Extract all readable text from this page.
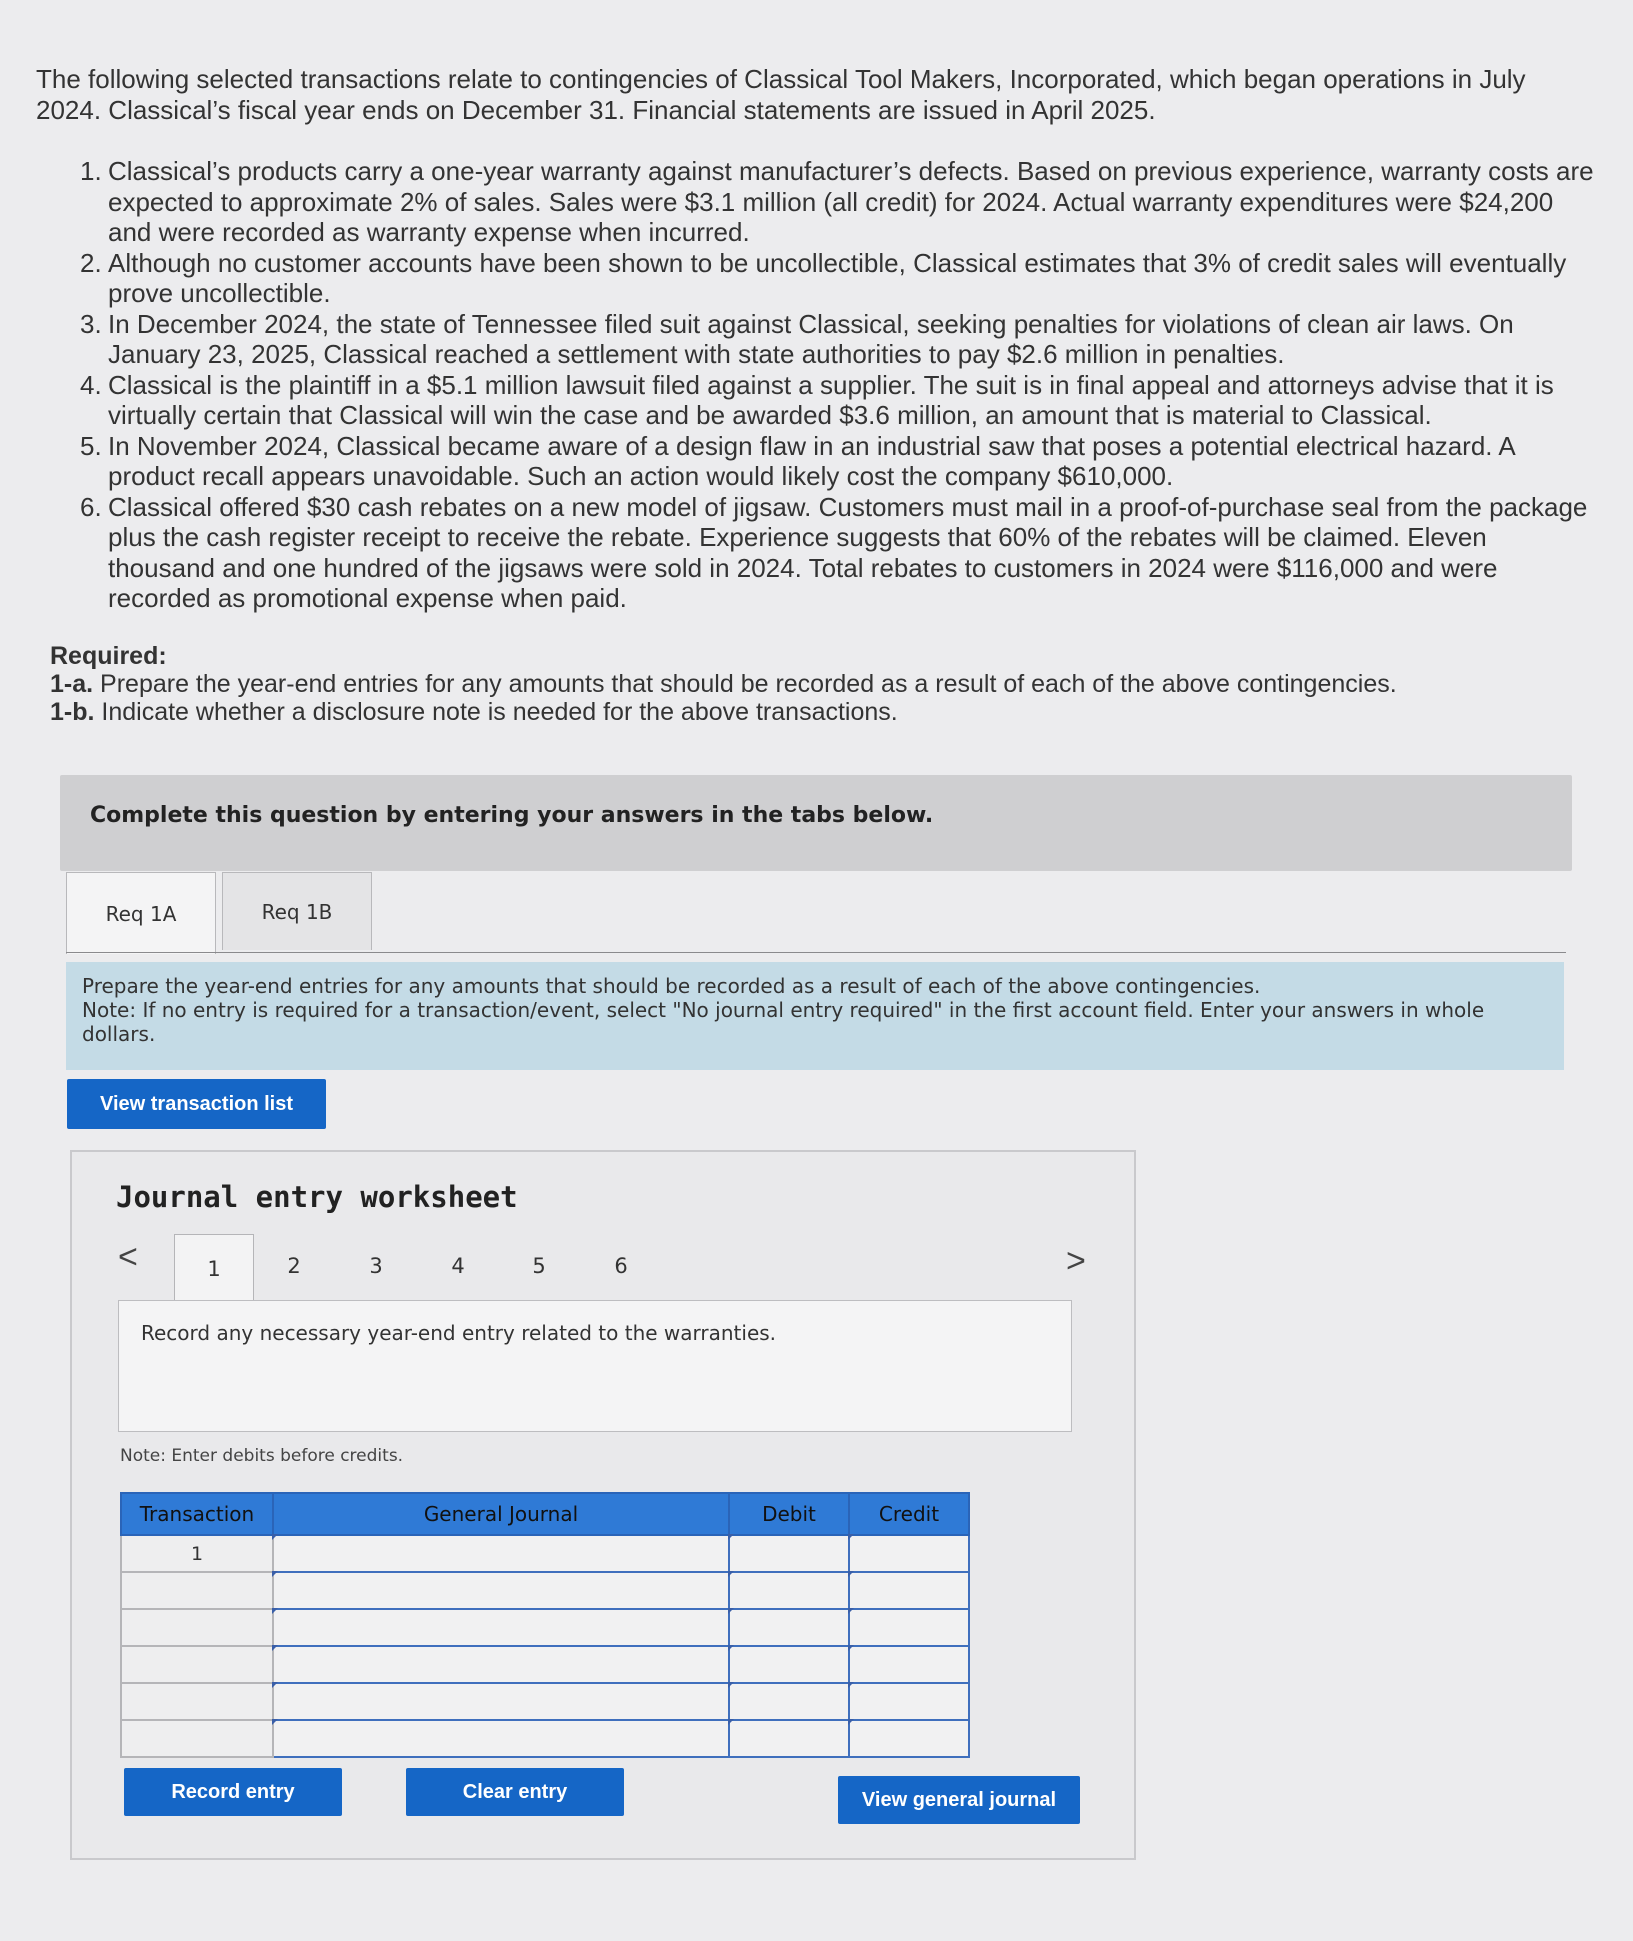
The following selected transactions relate to contingencies of Classical Tool Makers, Incorporated, which began operations in July 2024. Classical’s fiscal year ends on December 31. Financial statements are issued in April 2025.

1. Classical’s products carry a one-year warranty against manufacturer’s defects. Based on previous experience, warranty costs are expected to approximate 2% of sales. Sales were $3.1 million (all credit) for 2024. Actual warranty expenditures were $24,200 and were recorded as warranty expense when incurred.
2. Although no customer accounts have been shown to be uncollectible, Classical estimates that 3% of credit sales will eventually prove uncollectible.
3. In December 2024, the state of Tennessee filed suit against Classical, seeking penalties for violations of clean air laws. On January 23, 2025, Classical reached a settlement with state authorities to pay $2.6 million in penalties.
4. Classical is the plaintiff in a $5.1 million lawsuit filed against a supplier. The suit is in final appeal and attorneys advise that it is virtually certain that Classical will win the case and be awarded $3.6 million, an amount that is material to Classical.
5. In November 2024, Classical became aware of a design flaw in an industrial saw that poses a potential electrical hazard. A product recall appears unavoidable. Such an action would likely cost the company $610,000.
6. Classical offered $30 cash rebates on a new model of jigsaw. Customers must mail in a proof-of-purchase seal from the package plus the cash register receipt to receive the rebate. Experience suggests that 60% of the rebates will be claimed. Eleven thousand and one hundred of the jigsaws were sold in 2024. Total rebates to customers in 2024 were $116,000 and were recorded as promotional expense when paid.
Required:
1-a. Prepare the year-end entries for any amounts that should be recorded as a result of each of the above contingencies.
1-b. Indicate whether a disclosure note is needed for the above transactions.
Complete this question by entering your answers in the tabs below.
Req 1A	Req 1B
Prepare the year-end entries for any amounts that should be recorded as a result of each of the above contingencies.
Note: If no entry is required for a transaction/event, select "No journal entry required" in the first account field. Enter your answers in whole dollars.
View transaction list
Journal entry worksheet
<	1	2	3	4	5	6	>
Record any necessary year-end entry related to the warranties.
Note: Enter debits before credits.
Transaction	General Journal	Debit	Credit
1	

Record entry	Clear entry	View general journal
